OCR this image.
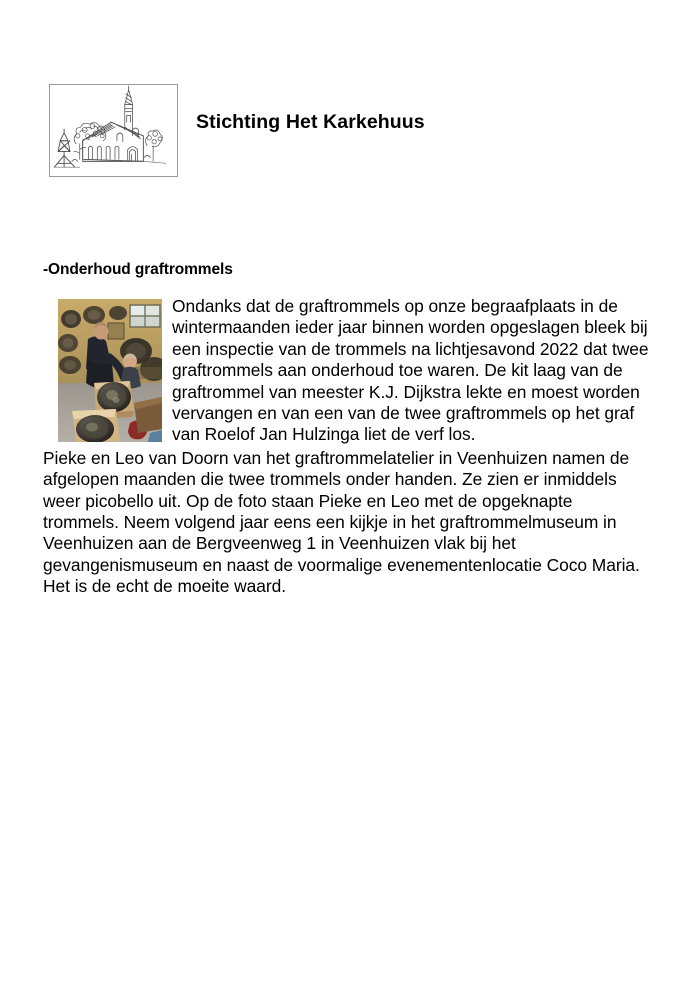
Stichting Het Karkehuus
-Onderhoud graftrommels

Ondanks dat de graftrommels op onze begraafplaats in de wintermaanden ieder jaar binnen worden opgeslagen bleek bij een inspectie van de trommels na lichtjesavond 2022 dat twee graftrommels aan onderhoud toe waren. De kit laag van de graftrommel van meester K.J. Dijkstra lekte en moest worden vervangen en van een van de twee graftrommels op het graf van Roelof Jan Hulzinga liet de verf los.

Pieke en Leo van Doorn van het graftrommelatelier in Veenhuizen namen de afgelopen maanden die twee trommels onder handen. Ze zien er inmiddels weer picobello uit. Op de foto staan Pieke en Leo met de opgeknapte trommels. Neem volgend jaar eens een kijkje in het graftrommelmuseum in Veenhuizen aan de Bergveenweg 1 in Veenhuizen vlak bij het gevangenismuseum en naast de voormalige evenementenlocatie Coco Maria. Het is de echt de moeite waard.
